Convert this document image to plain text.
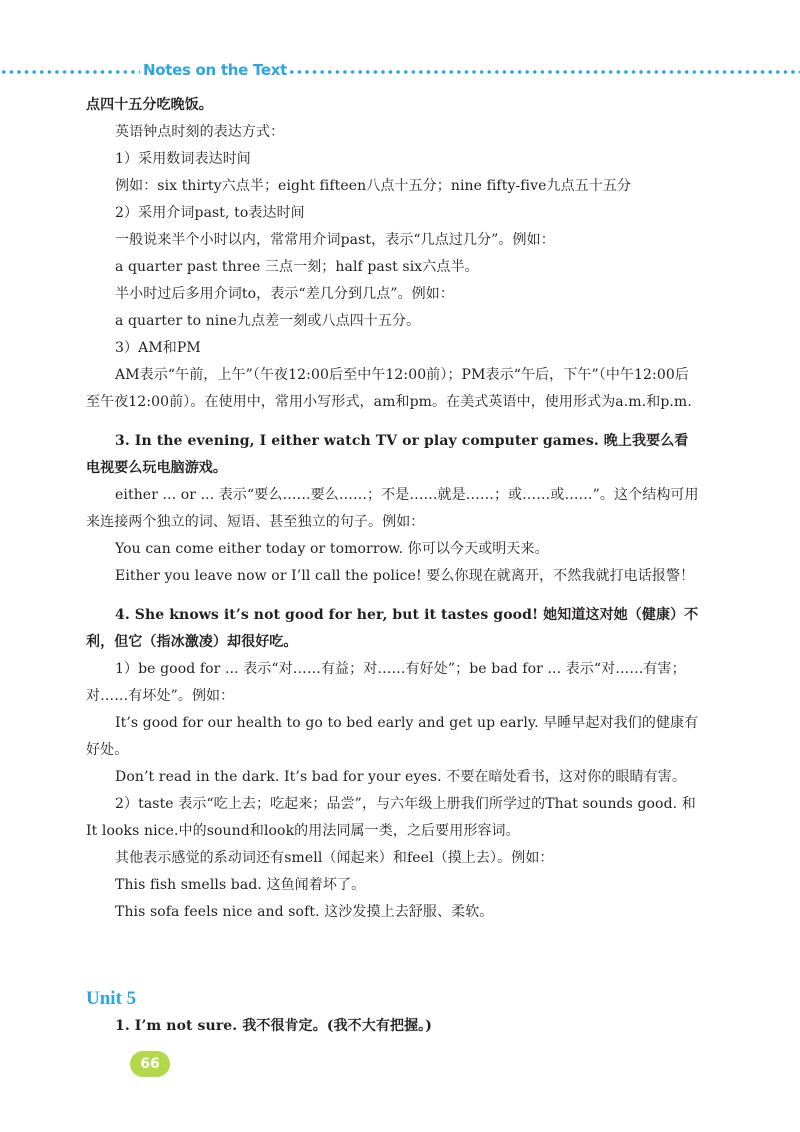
Notes on the Text

点四十五分吃晚饭。

英语钟点时刻的表达方式：

1）采用数词表达时间

例如：six thirty六点半；eight fifteen八点十五分；nine fifty-five九点五十五分

2）采用介词past, to表达时间

一般说来半个小时以内，常常用介词past，表示“几点过几分”。例如：

a quarter past three 三点一刻；half past six六点半。

半小时过后多用介词to，表示“差几分到几点”。例如：

a quarter to nine九点差一刻或八点四十五分。

3）AM和PM

AM表示“午前，上午”（午夜12:00后至中午12:00前）；PM表示“午后，下午”（中午12:00后至午夜12:00前）。在使用中，常用小写形式，am和pm。在美式英语中，使用形式为a.m.和p.m.

3. In the evening, I either watch TV or play computer games. 晚上我要么看电视要么玩电脑游戏。

either ... or ... 表示“要么……要么……；不是……就是……；或……或……”。这个结构可用来连接两个独立的词、短语、甚至独立的句子。例如：

You can come either today or tomorrow. 你可以今天或明天来。

Either you leave now or I’ll call the police! 要么你现在就离开，不然我就打电话报警！

4. She knows it’s not good for her, but it tastes good! 她知道这对她（健康）不利，但它（指冰激凌）却很好吃。

1）be good for ... 表示“对……有益；对……有好处”；be bad for ... 表示“对……有害；对……有坏处”。例如：

It’s good for our health to go to bed early and get up early. 早睡早起对我们的健康有好处。

Don’t read in the dark. It’s bad for your eyes. 不要在暗处看书，这对你的眼睛有害。

2）taste 表示“吃上去；吃起来；品尝”，与六年级上册我们所学过的That sounds good. 和It looks nice.中的sound和look的用法同属一类，之后要用形容词。

其他表示感觉的系动词还有smell（闻起来）和feel（摸上去）。例如：

This fish smells bad. 这鱼闻着坏了。

This sofa feels nice and soft. 这沙发摸上去舒服、柔软。

Unit 5

1. I’m not sure. 我不很肯定。(我不大有把握。)

66
